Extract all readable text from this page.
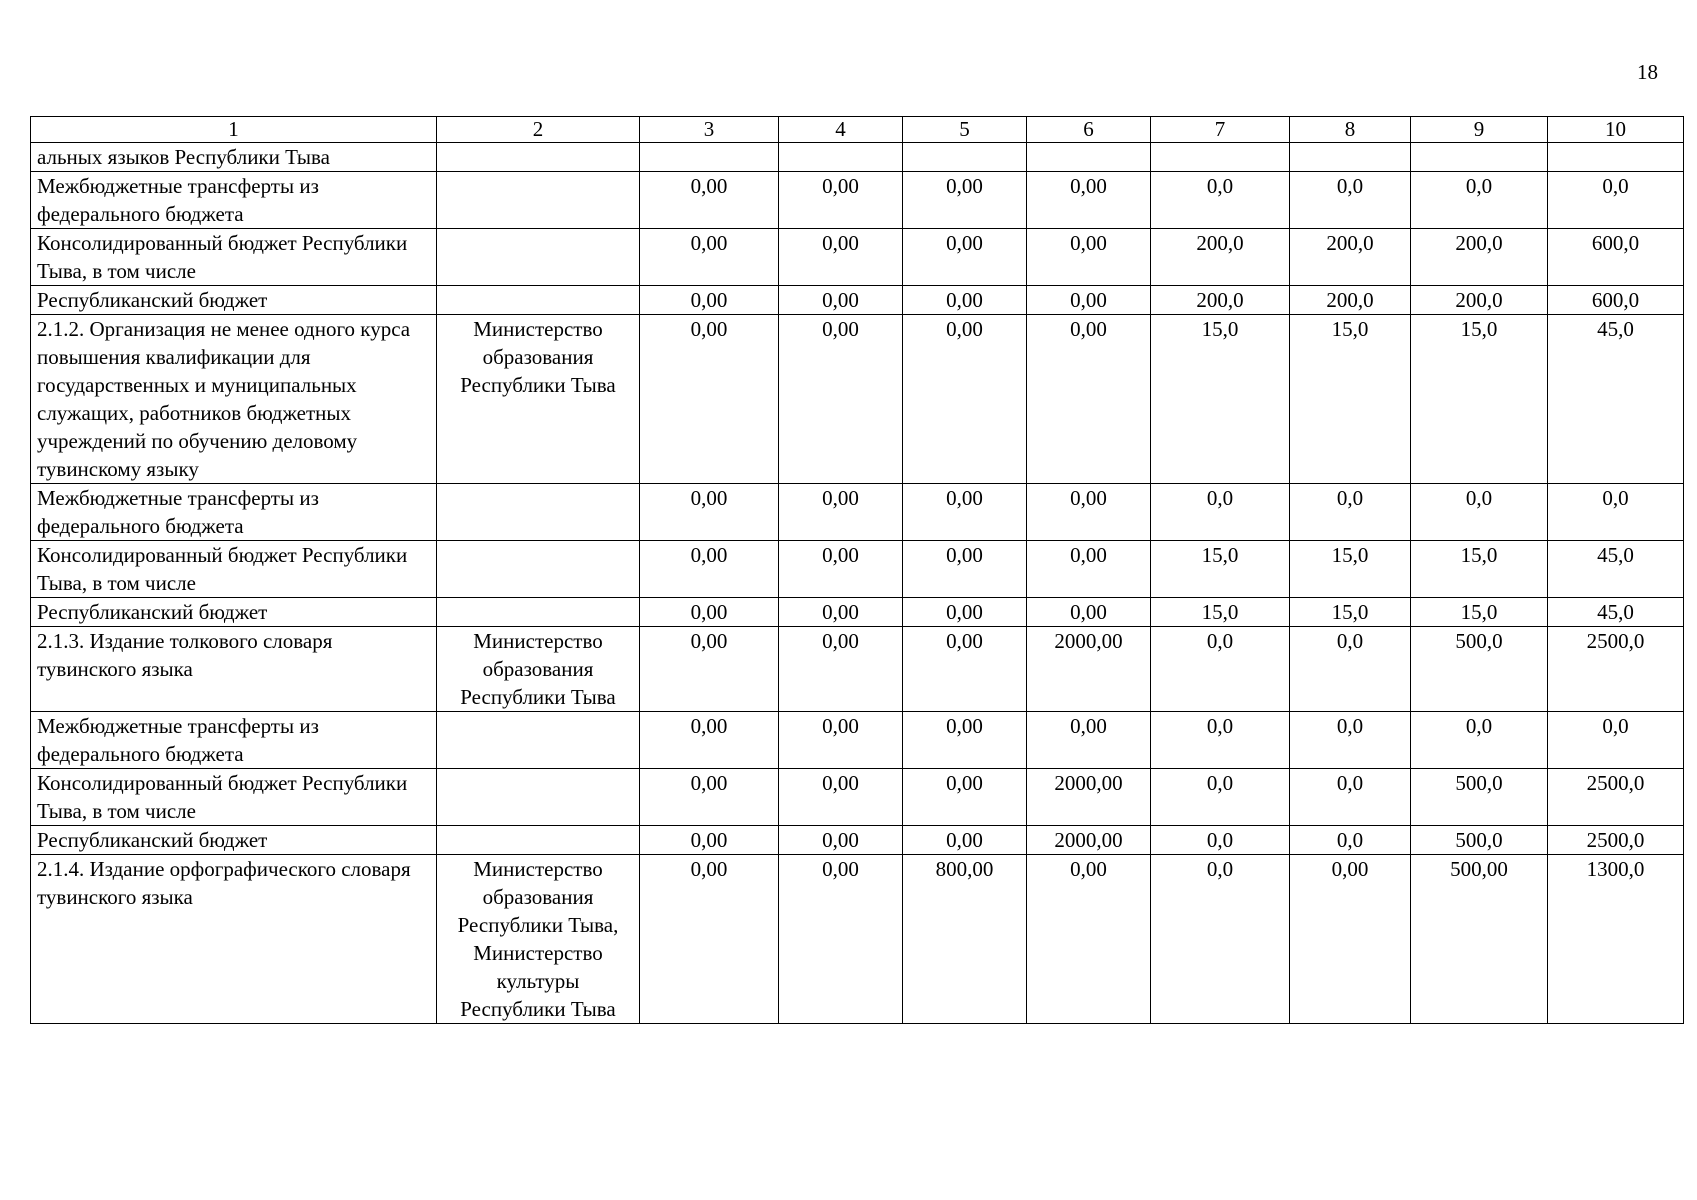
18
1	2	3	4	5	6	7	8	9	10
альных языков Республики Тыва									
Межбюджетные трансферты из федерального бюджета		0,00	0,00	0,00	0,00	0,0	0,0	0,0	0,0
Консолидированный бюджет Республики Тыва, в том числе		0,00	0,00	0,00	0,00	200,0	200,0	200,0	600,0
Республиканский бюджет		0,00	0,00	0,00	0,00	200,0	200,0	200,0	600,0
2.1.2. Организация не менее одного курса повышения квалификации для государственных и муниципальных служащих, работников бюджетных учреждений по обучению деловому тувинскому языку	Министерство образования Республики Тыва	0,00	0,00	0,00	0,00	15,0	15,0	15,0	45,0
Межбюджетные трансферты из федерального бюджета		0,00	0,00	0,00	0,00	0,0	0,0	0,0	0,0
Консолидированный бюджет Республики Тыва, в том числе		0,00	0,00	0,00	0,00	15,0	15,0	15,0	45,0
Республиканский бюджет		0,00	0,00	0,00	0,00	15,0	15,0	15,0	45,0
2.1.3. Издание толкового словаря тувинского языка	Министерство образования Республики Тыва	0,00	0,00	0,00	2000,00	0,0	0,0	500,0	2500,0
Межбюджетные трансферты из федерального бюджета		0,00	0,00	0,00	0,00	0,0	0,0	0,0	0,0
Консолидированный бюджет Республики Тыва, в том числе		0,00	0,00	0,00	2000,00	0,0	0,0	500,0	2500,0
Республиканский бюджет		0,00	0,00	0,00	2000,00	0,0	0,0	500,0	2500,0
2.1.4. Издание орфографического словаря тувинского языка	Министерство образования Республики Тыва, Министерство культуры Республики Тыва	0,00	0,00	800,00	0,00	0,0	0,00	500,00	1300,0
